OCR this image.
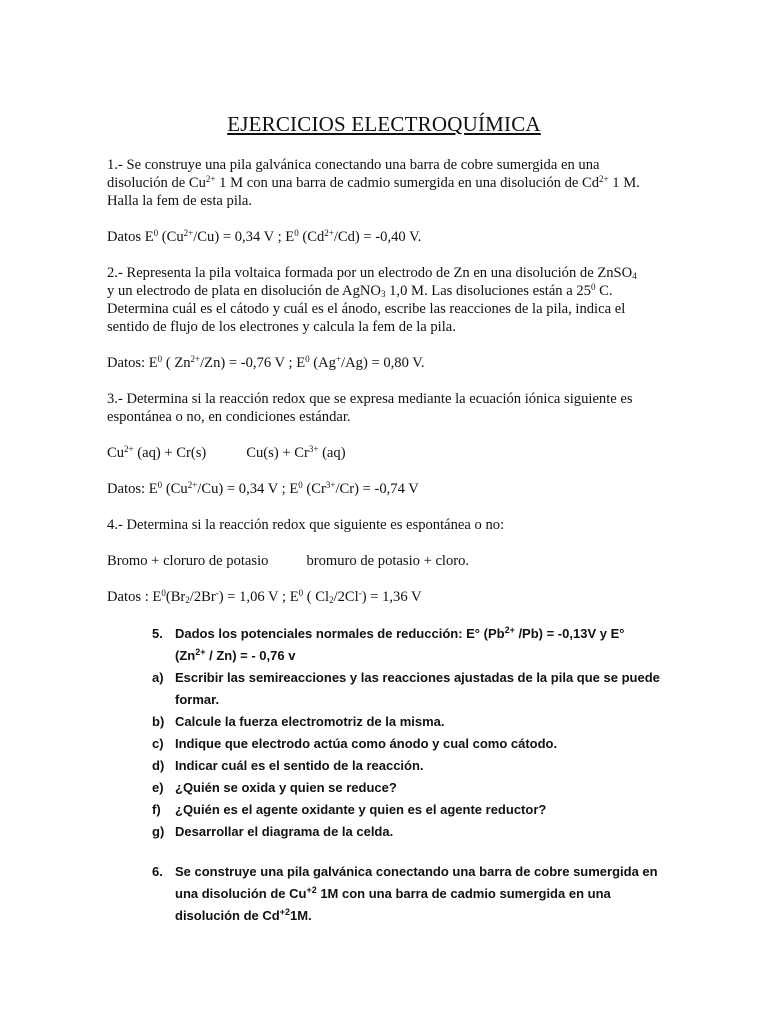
EJERCICIOS ELECTROQUÍMICA
1.- Se construye una pila galvánica conectando una barra de cobre sumergida en una
disolución de $Cu^{2+}$ 1 M con una barra de cadmio sumergida en una disolución de $Cd^{2+}$ 1 M.
Halla la fem de esta pila.
Datos $E^0$ $(Cu^{2+}/Cu) = 0,34$ V ; $E^0$ $(Cd^{2+}/Cd) = -0,40$ V.
2.- Representa la pila voltaica formada por un electrodo de Zn en una disolución de ZnSO$_4$
y un electrodo de plata en disolución de AgNO$_3$ 1,0 M. Las disoluciones están a $25^0$ C.
Determina cuál es el cátodo y cuál es el ánodo, escribe las reacciones de la pila, indica el
sentido de flujo de los electrones y calcula la fem de la pila.
Datos: $E^0$ ( $Zn^{2+}/Zn) = -0,76$ V ; $E^0$ (Ag+/Ag) = 0,80 V.
3.- Determina si la reacción redox que se expresa mediante la ecuación iónica siguiente es
espontánea o no, en condiciones estándar.
$Cu^{2+}$ (aq) + Cr(s)	$Cu(s) + Cr^{3+}$ (aq)
Datos: $E^0$ $(Cu^{2+}/Cu) = 0,34$ V ; $E^0$ $(Cr^{3+}/Cr) = -0,74$ V
4.- Determina si la reacción redox que siguiente es espontánea o no:
Bromo + cloruro de potasio	bromuro de potasio + cloro.
Datos : $E^0(Br_2/2Br^-) = 1,06$ V ; $E^0$ ( $Cl_2/2Cl^-) = 1,36$ V
5. Dados los potenciales normales de reducción: E° ($Pb^{2+}$ /Pb) = -0,13V y E°
$(Zn^{2+} / Zn)$ = - 0,76 v
a) Escribir las semireacciones y las reacciones ajustadas de la pila que se puede
formar.
b) Calcule la fuerza electromotriz de la misma.
c) Indique que electrodo actúa como ánodo y cual como cátodo.
d) Indicar cuál es el sentido de la reacción.
e) ¿Quién se oxida y quien se reduce?
f)	¿Quién es el agente oxidante y quien es el agente reductor?
g) Desarrollar el diagrama de la celda.
6. Se construye una pila galvánica conectando una barra de cobre sumergida en
una disolución de $Cu^{+2}$ 1M con una barra de cadmio sumergida en una
disolución de $Cd^{+2}1M$.
